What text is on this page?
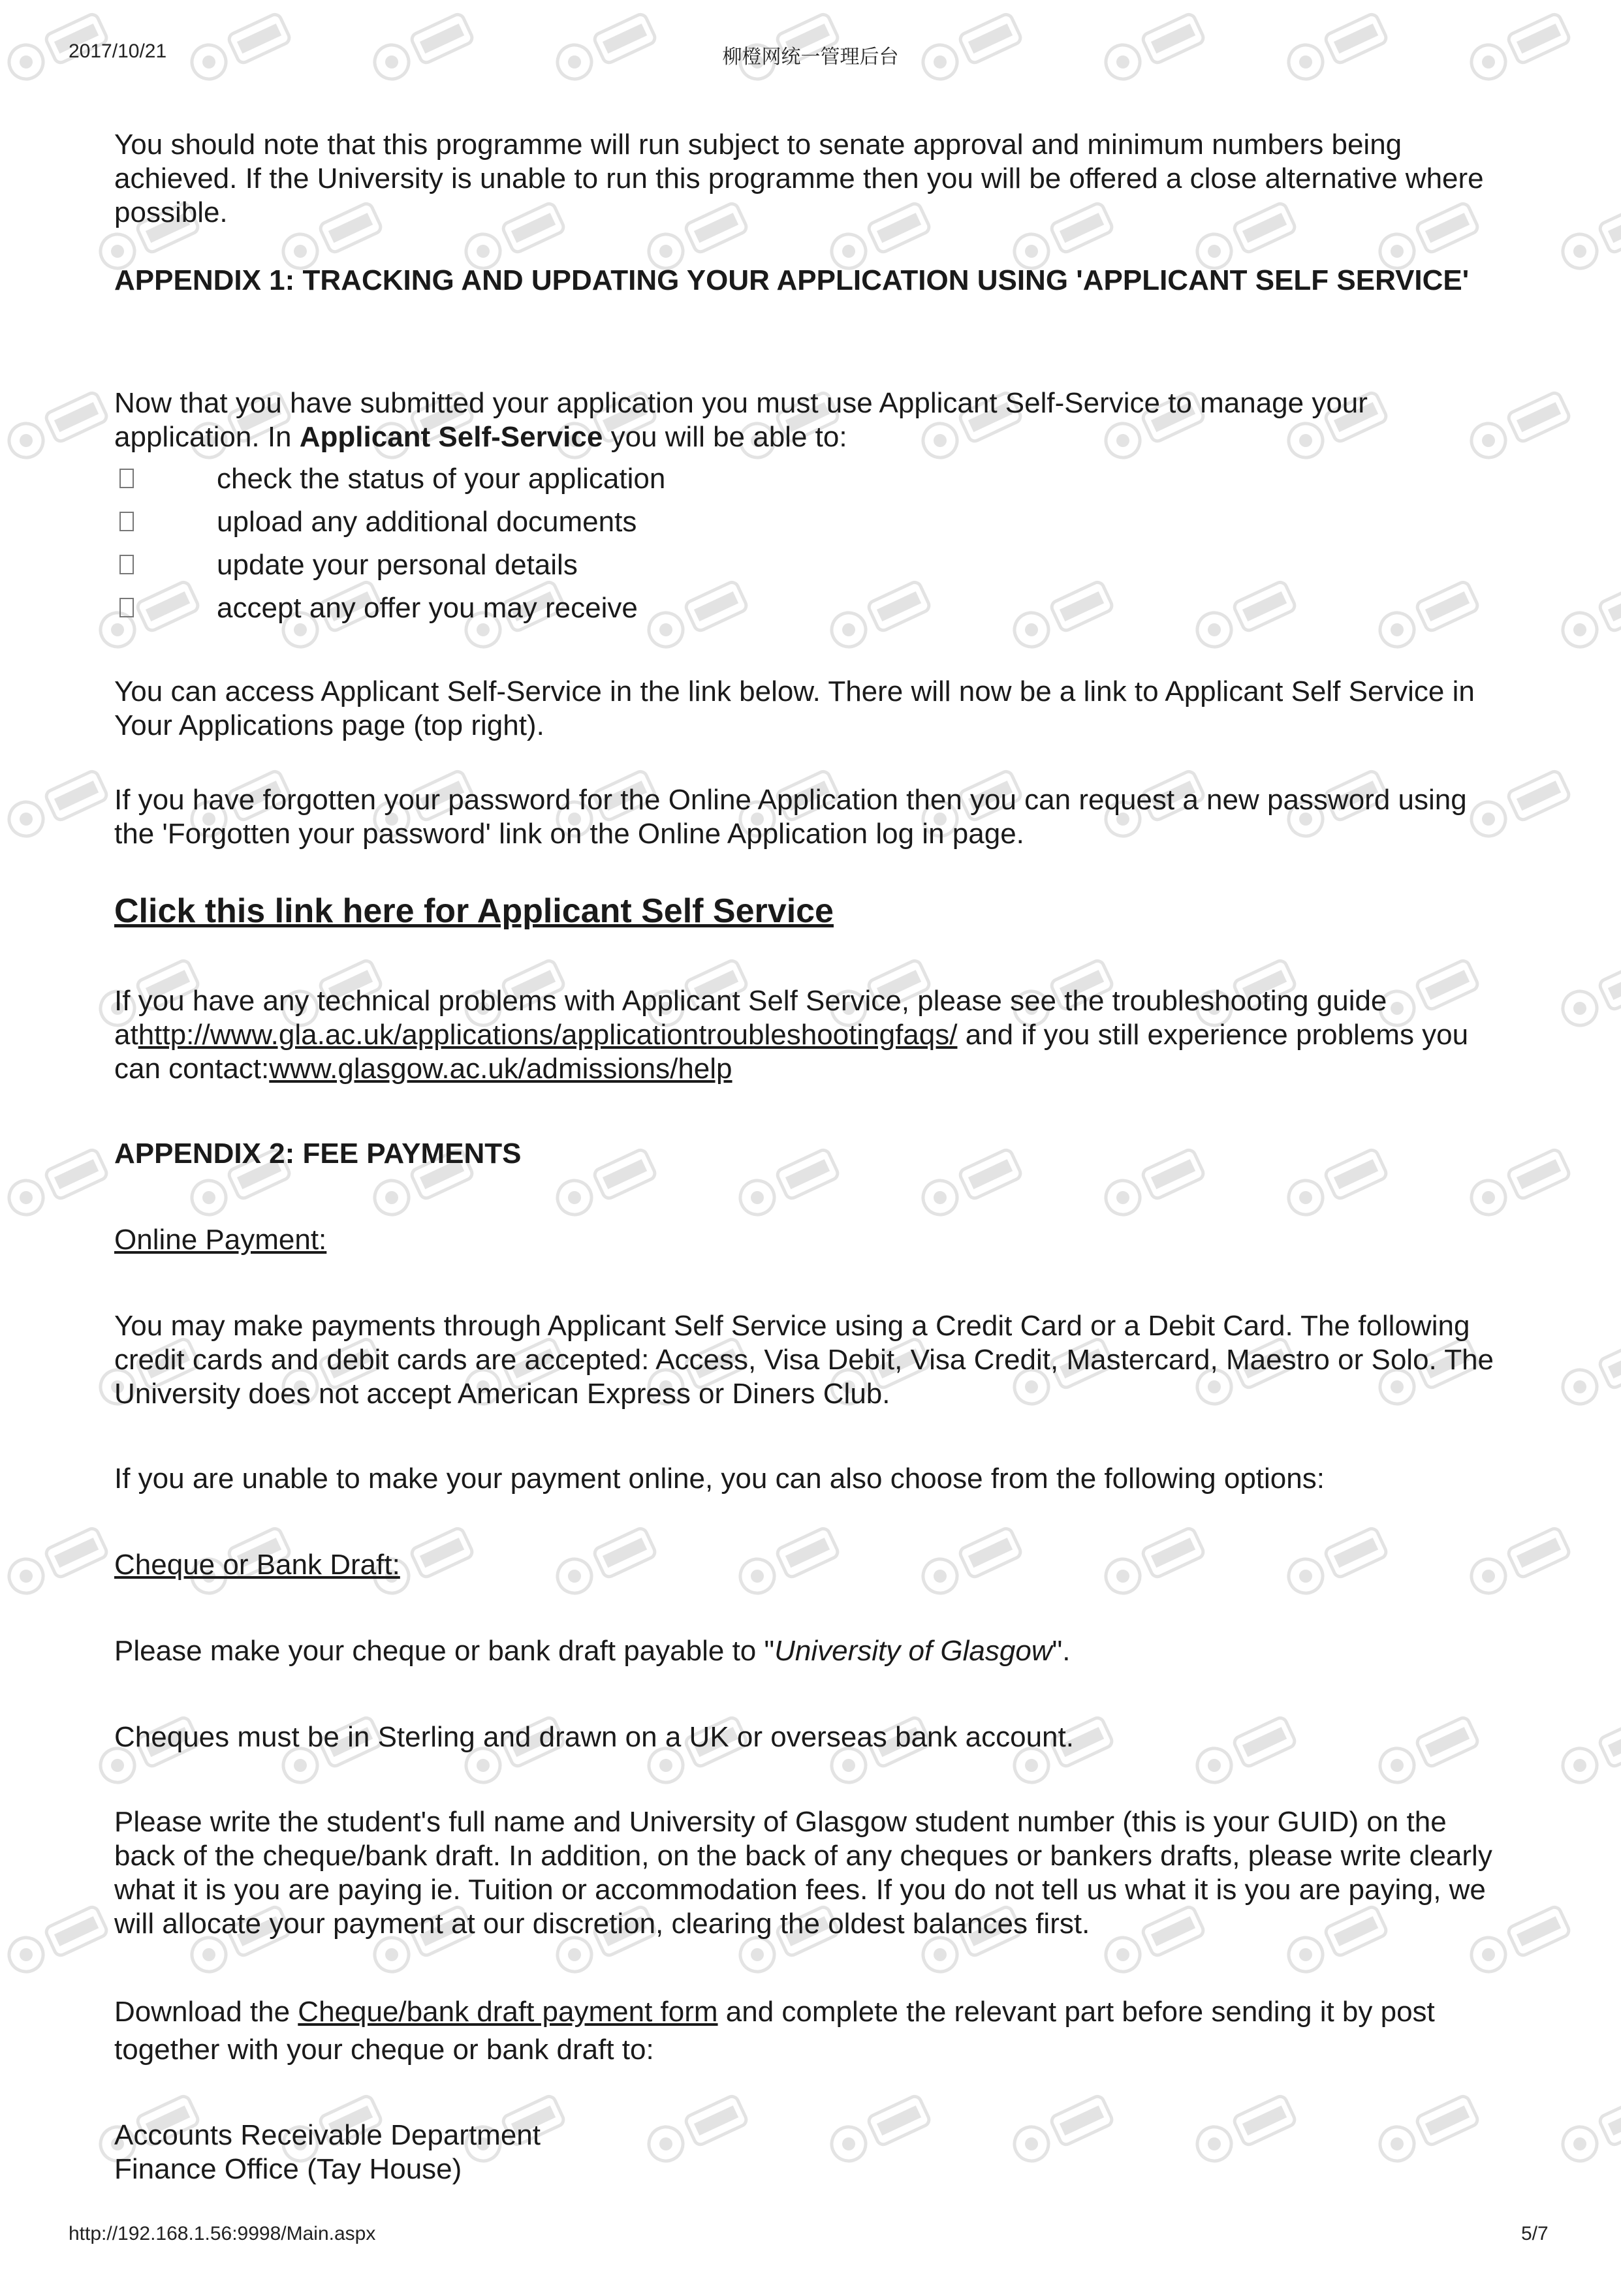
2017/10/21	柳橙网统一管理后台

You should note that this programme will run subject to senate approval and minimum numbers being achieved. If the University is unable to run this programme then you will be offered a close alternative where possible.

APPENDIX 1: TRACKING AND UPDATING YOUR APPLICATION USING 'APPLICANT SELF SERVICE'

Now that you have submitted your application you must use Applicant Self-Service to manage your application. In Applicant Self-Service you will be able to:

check the status of your application
upload any additional documents
update your personal details
accept any offer you may receive

You can access Applicant Self-Service in the link below. There will now be a link to Applicant Self Service in Your Applications page (top right).

If you have forgotten your password for the Online Application then you can request a new password using the 'Forgotten your password' link on the Online Application log in page.

Click this link here for Applicant Self Service

If you have any technical problems with Applicant Self Service, please see the troubleshooting guide athttp://www.gla.ac.uk/applications/applicationtroubleshootingfaqs/ and if you still experience problems you can contact:www.glasgow.ac.uk/admissions/help

APPENDIX 2: FEE PAYMENTS

Online Payment:

You may make payments through Applicant Self Service using a Credit Card or a Debit Card. The following credit cards and debit cards are accepted: Access, Visa Debit, Visa Credit, Mastercard, Maestro or Solo. The University does not accept American Express or Diners Club.

If you are unable to make your payment online, you can also choose from the following options:

Cheque or Bank Draft:

Please make your cheque or bank draft payable to "University of Glasgow".

Cheques must be in Sterling and drawn on a UK or overseas bank account.

Please write the student's full name and University of Glasgow student number (this is your GUID) on the back of the cheque/bank draft. In addition, on the back of any cheques or bankers drafts, please write clearly what it is you are paying ie. Tuition or accommodation fees. If you do not tell us what it is you are paying, we will allocate your payment at our discretion, clearing the oldest balances first.

Download the Cheque/bank draft payment form and complete the relevant part before sending it by post together with your cheque or bank draft to:

Accounts Receivable Department
Finance Office (Tay House)

http://192.168.1.56:9998/Main.aspx	5/7
